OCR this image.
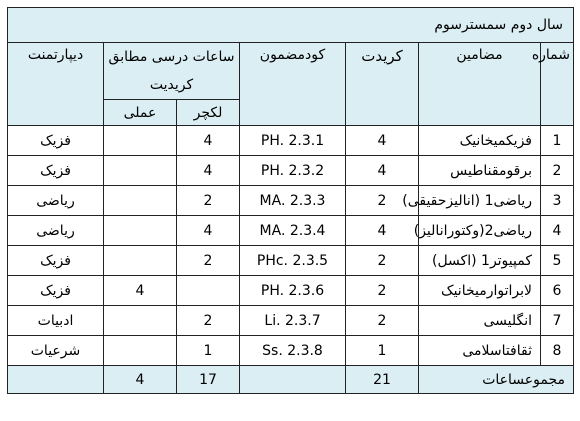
سال دوم سمسترسوم						
شماره	مضامین	کریدت	کودمضمون	ساعات درسی مطابق کریدیت		دیپارتمنت
				لکچر	عملی	
1	فزیکمیخانیک	4	PH. 2.3.1	4		فزیک
2	برقومقناطیس	4	PH. 2.3.2	4		فزیک
3	ریاضی1 (انالیزحقیقی)	2	MA. 2.3.3	2		ریاضی
4	ریاضی2(وکتورانالیز)	4	MA. 2.3.4	4		ریاضی
5	کمپیوتر1 (اکسل)	2	PHc. 2.3.5	2		فزیک
6	لابراتوارمیخانیک	2	PH. 2.3.6		4	فزیک
7	انگلیسی	2	Li. 2.3.7	2		ادبیات
8	ثقافتاسلامی	1	Ss. 2.3.8	1		شرعیات
مجموعساعات		21		17	4	
